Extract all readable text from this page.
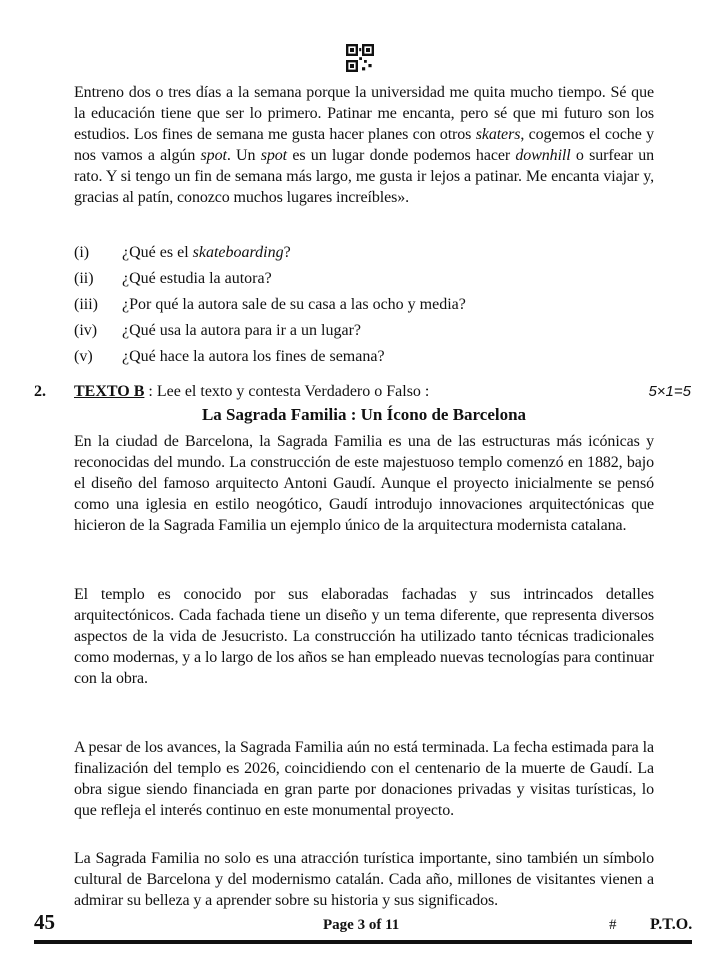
Entreno dos o tres días a la semana porque la universidad me quita mucho tiempo. Sé que la educación tiene que ser lo primero. Patinar me encanta, pero sé que mi futuro son los estudios. Los fines de semana me gusta hacer planes con otros skaters, cogemos el coche y nos vamos a algún spot. Un spot es un lugar donde podemos hacer downhill o surfear un rato. Y si tengo un fin de semana más largo, me gusta ir lejos a patinar. Me encanta viajar y, gracias al patín, conozco muchos lugares increíbles».
(i)	¿Qué es el skateboarding?
(ii)	¿Qué estudia la autora?
(iii)	¿Por qué la autora sale de su casa a las ocho y media?
(iv)	¿Qué usa la autora para ir a un lugar?
(v)	¿Qué hace la autora los fines de semana?
2. TEXTO B : Lee el texto y contesta Verdadero o Falso :	5×1=5
La Sagrada Familia : Un Ícono de Barcelona
En la ciudad de Barcelona, la Sagrada Familia es una de las estructuras más icónicas y reconocidas del mundo. La construcción de este majestuoso templo comenzó en 1882, bajo el diseño del famoso arquitecto Antoni Gaudí. Aunque el proyecto inicialmente se pensó como una iglesia en estilo neogótico, Gaudí introdujo innovaciones arquitectónicas que hicieron de la Sagrada Familia un ejemplo único de la arquitectura modernista catalana.
El templo es conocido por sus elaboradas fachadas y sus intrincados detalles arquitectónicos. Cada fachada tiene un diseño y un tema diferente, que representa diversos aspectos de la vida de Jesucristo. La construcción ha utilizado tanto técnicas tradicionales como modernas, y a lo largo de los años se han empleado nuevas tecnologías para continuar con la obra.
A pesar de los avances, la Sagrada Familia aún no está terminada. La fecha estimada para la finalización del templo es 2026, coincidiendo con el centenario de la muerte de Gaudí. La obra sigue siendo financiada en gran parte por donaciones privadas y visitas turísticas, lo que refleja el interés continuo en este monumental proyecto.
La Sagrada Familia no solo es una atracción turística importante, sino también un símbolo cultural de Barcelona y del modernismo catalán. Cada año, millones de visitantes vienen a admirar su belleza y a aprender sobre su historia y sus significados.
45	Page 3 of 11	# P.T.O.
